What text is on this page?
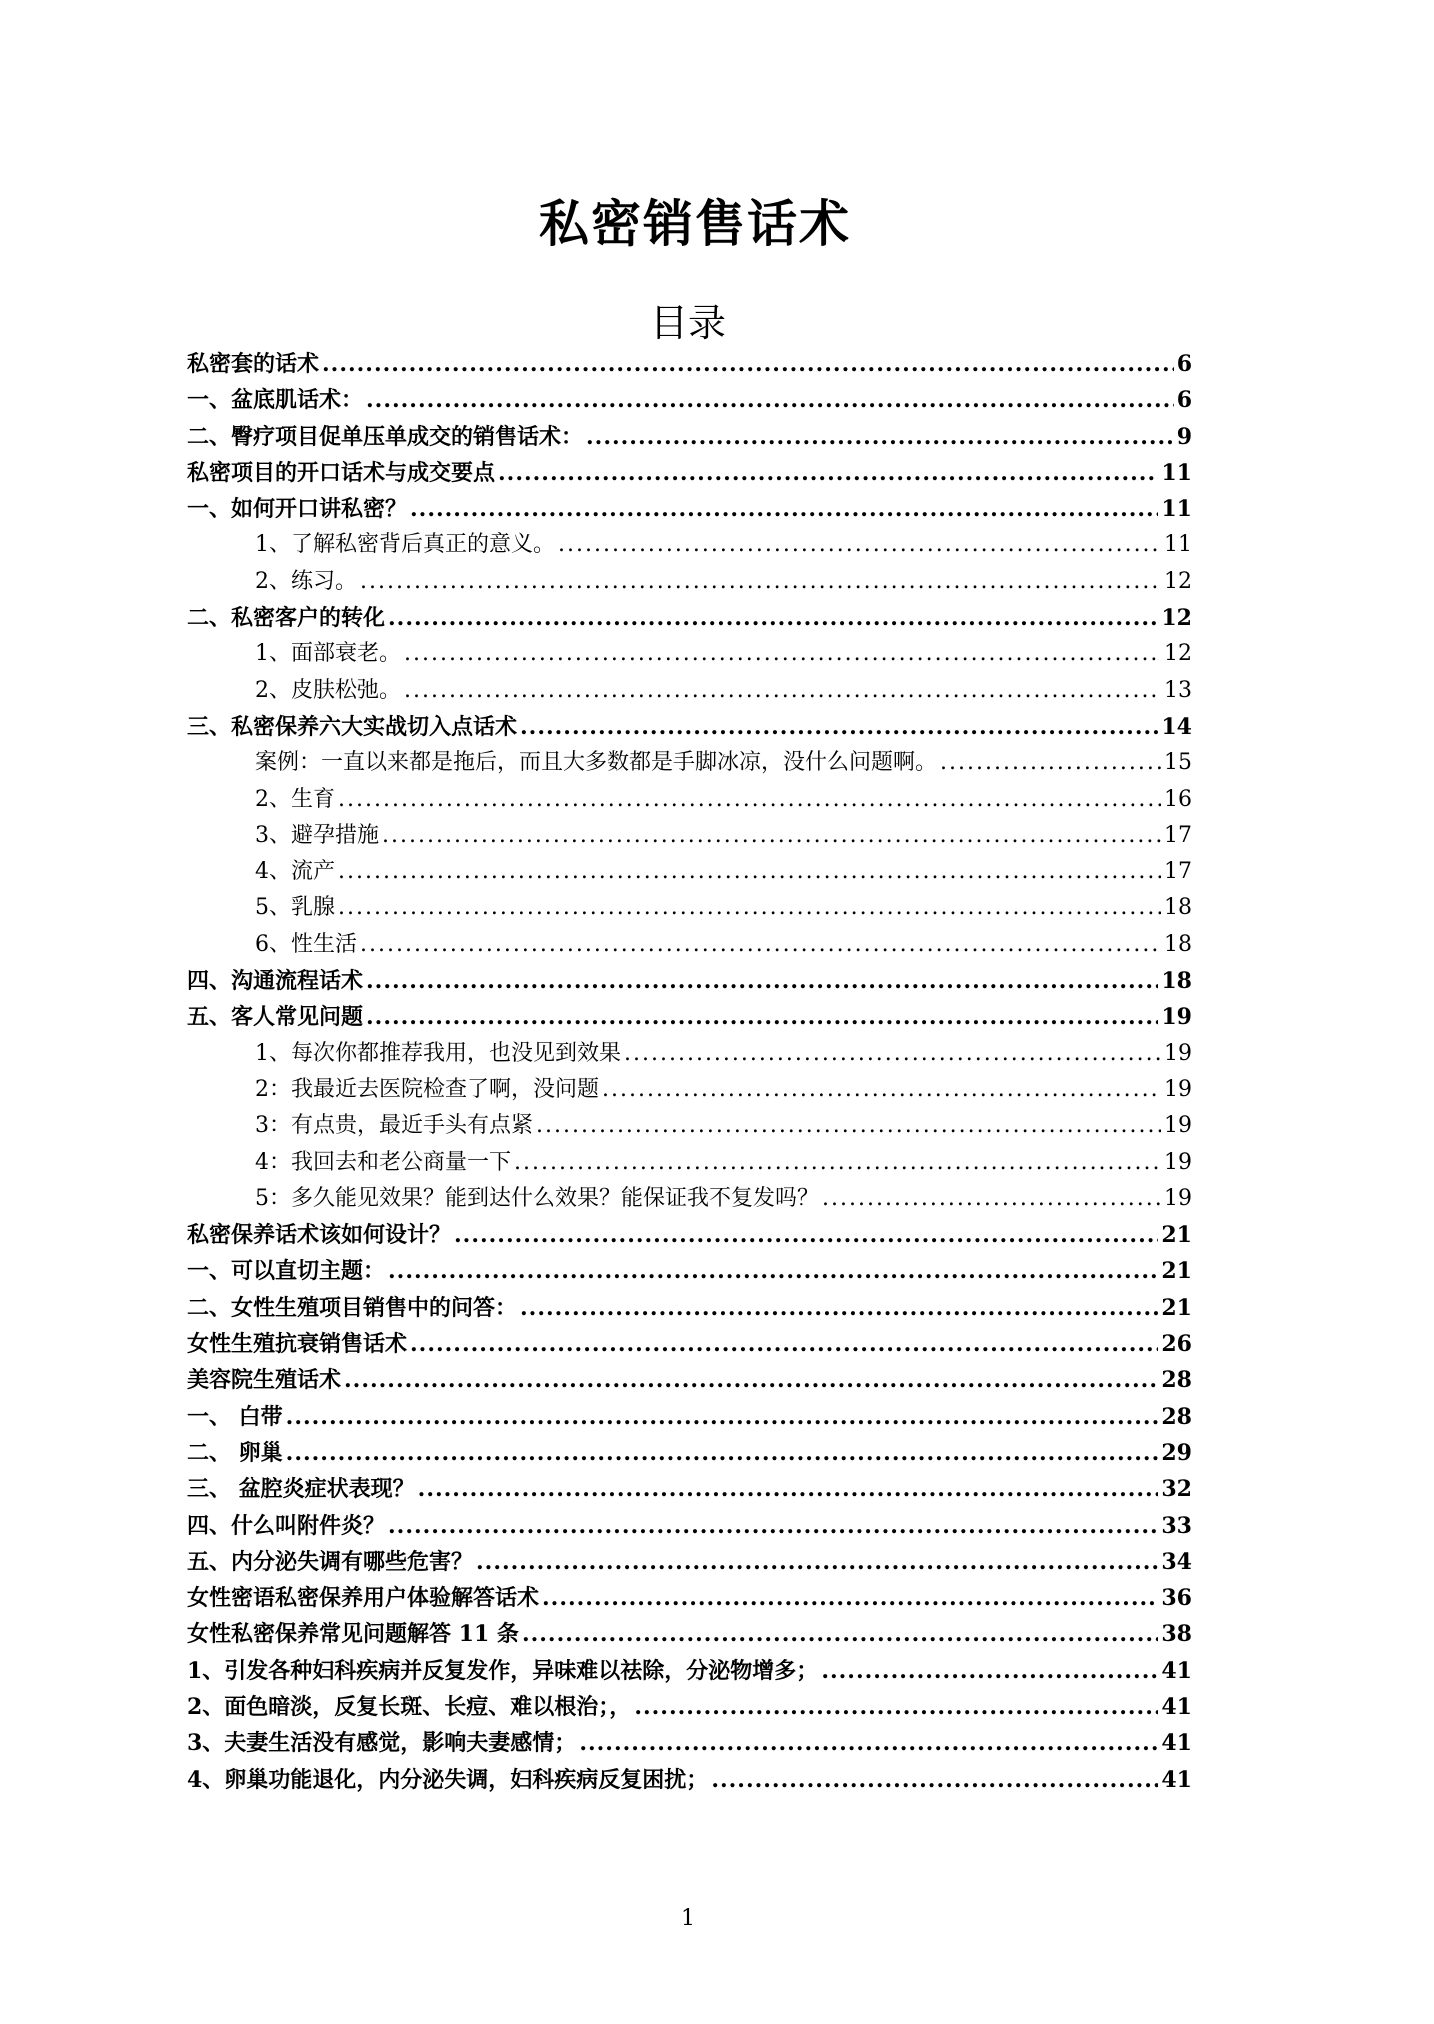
私密销售话术
目录
私密套的话术 .....	6
一、盆底肌话术： .....	6
二、臀疗项目促单压单成交的销售话术： .....	9
私密项目的开口话术与成交要点 .....	11
一、如何开口讲私密？ .....	11
1、了解私密背后真正的意义。 .....	11
2、练习。 .....	12
二、私密客户的转化 .....	12
1、面部衰老。 .....	12
2、皮肤松弛。 .....	13
三、私密保养六大实战切入点话术 .....	14
案例：一直以来都是拖后，而且大多数都是手脚冰凉，没什么问题啊。 .....	15
2、生育 .....	16
3、避孕措施 .....	17
4、流产 .....	17
5、乳腺 .....	18
6、性生活 .....	18
四、沟通流程话术 .....	18
五、客人常见问题 .....	19
1、每次你都推荐我用，也没见到效果 .....	19
2：我最近去医院检查了啊，没问题 .....	19
3：有点贵，最近手头有点紧 .....	19
4：我回去和老公商量一下 .....	19
5：多久能见效果？能到达什么效果？能保证我不复发吗？ .....	19
私密保养话术该如何设计？ .....	21
一、可以直切主题： .....	21
二、女性生殖项目销售中的问答： .....	21
女性生殖抗衰销售话术 .....	26
美容院生殖话术 .....	28
一、 白带 .....	28
二、 卵巢 .....	29
三、 盆腔炎症状表现？ .....	32
四、什么叫附件炎？ .....	33
五、内分泌失调有哪些危害？ .....	34
女性密语私密保养用户体验解答话术 .....	36
女性私密保养常见问题解答 11 条 .....	38
1、引发各种妇科疾病并反复发作，异味难以祛除，分泌物增多； .....	41
2、面色暗淡，反复长斑、长痘、难以根治；， .....	41
3、夫妻生活没有感觉，影响夫妻感情； .....	41
4、卵巢功能退化，内分泌失调，妇科疾病反复困扰； .....	41
1
